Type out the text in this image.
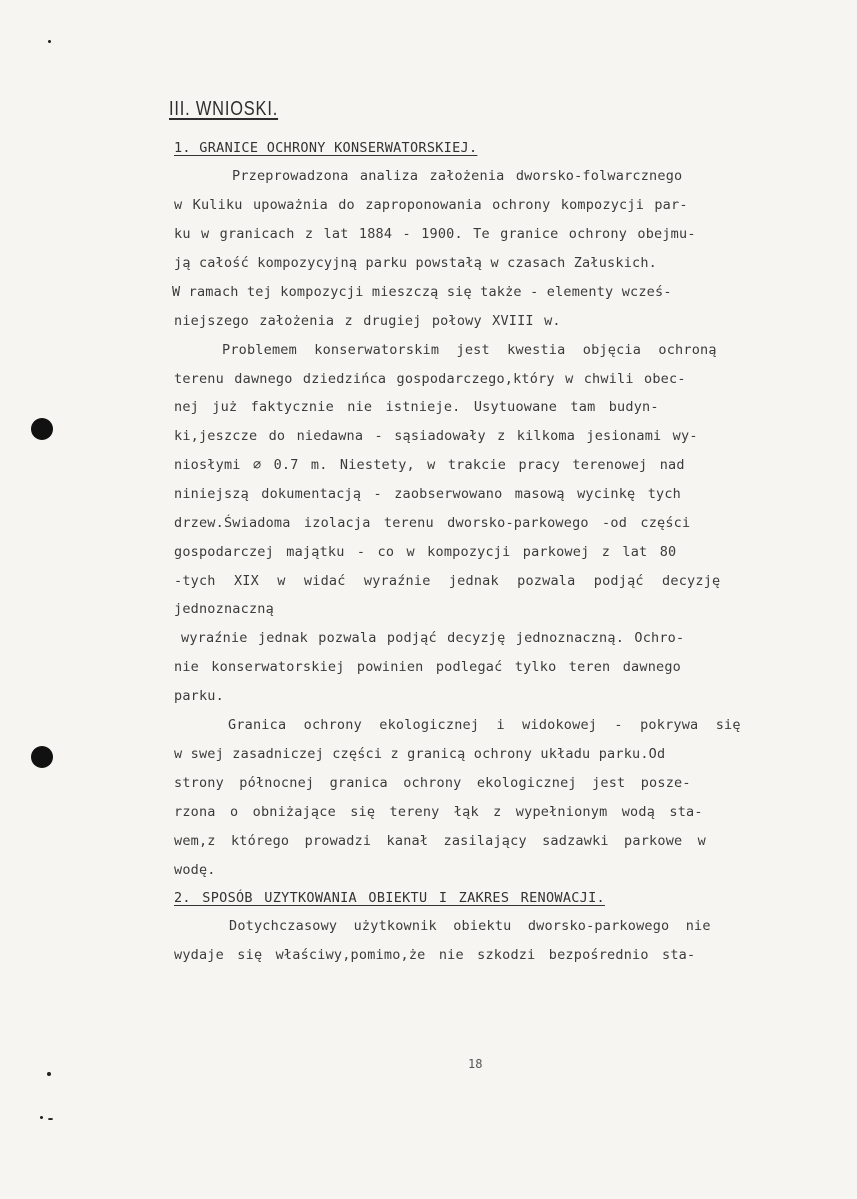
III. WNIOSKI.
1. GRANICE OCHRONY KONSERWATORSKIEJ.
Przeprowadzona analiza założenia dworsko-folwarcznego
w Kuliku upoważnia do zaproponowania ochrony kompozycji par-
ku w granicach z lat 1884 - 1900. Te granice ochrony obejmu-
ją całość kompozycyjną parku powstałą w czasach Załuskich.
W ramach tej kompozycji mieszczą się także - elementy wcześ-
niejszego założenia z drugiej połowy XVIII w.
Problemem konserwatorskim jest kwestia objęcia ochroną
terenu dawnego dziedzińca gospodarczego,który w chwili obec-
nej już faktycznie nie istnieje. Usytuowane tam budyn-
ki,jeszcze do niedawna - sąsiadowały z kilkoma jesionami wy-
niosłymi ∅ 0.7 m. Niestety, w trakcie pracy terenowej nad
niniejszą dokumentacją - zaobserwowano masową wycinkę tych
drzew.Świadoma izolacja terenu dworsko-parkowego -od części
gospodarczej majątku - co w kompozycji parkowej z lat 80
-tych XIX w widać wyraźnie jednak pozwala podjąć decyzję
jednoznaczną
wyraźnie jednak pozwala podjąć decyzję jednoznaczną. Ochro-
nie konserwatorskiej powinien podlegać tylko teren dawnego
parku.
Granica ochrony ekologicznej i widokowej - pokrywa się
w swej zasadniczej części z granicą ochrony układu parku.Od
strony północnej granica ochrony ekologicznej jest posze-
rzona o obniżające się tereny łąk z wypełnionym wodą sta-
wem,z którego prowadzi kanał zasilający sadzawki parkowe w
wodę.
2. SPOSÓB UZYTKOWANIA OBIEKTU I ZAKRES RENOWACJI.
Dotychczasowy użytkownik obiektu dworsko-parkowego nie
wydaje się właściwy,pomimo,że nie szkodzi bezpośrednio sta-
18
